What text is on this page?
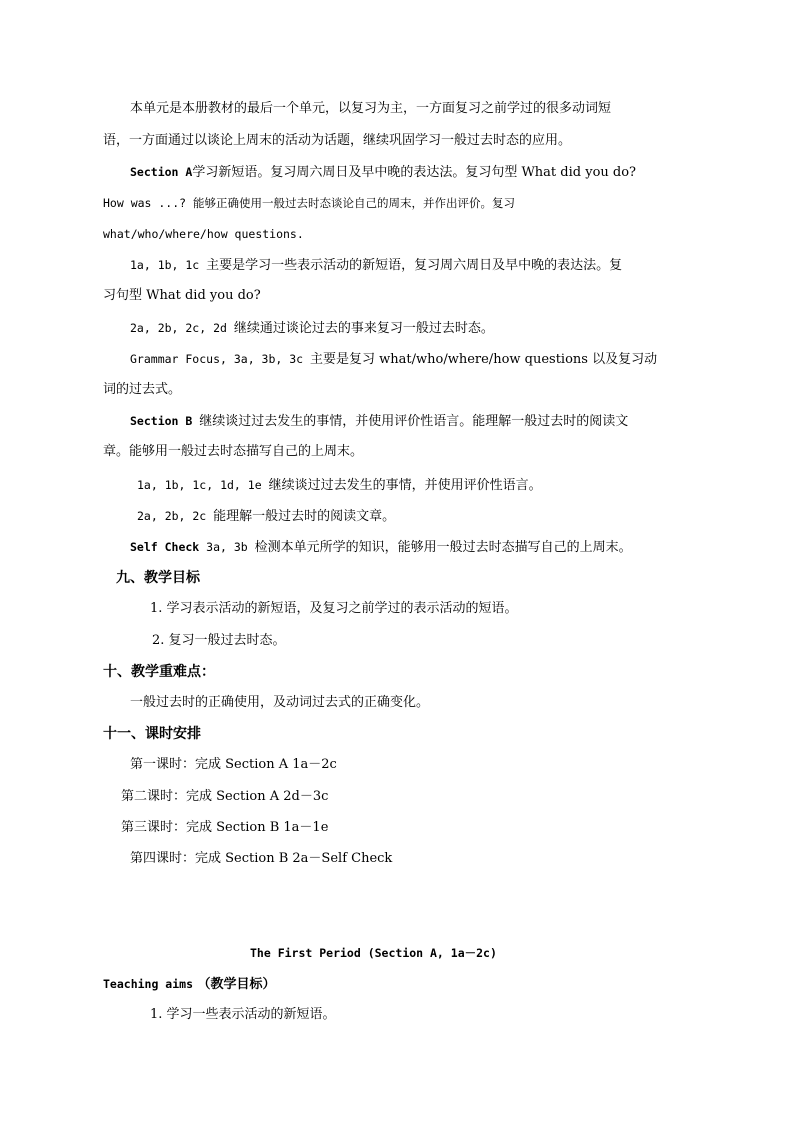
本单元是本册教材的最后一个单元，以复习为主，一方面复习之前学过的很多动词短
语，一方面通过以谈论上周末的活动为话题，继续巩固学习一般过去时态的应用。
Section A学习新短语。复习周六周日及早中晚的表达法。复习句型 What did you do?
How was ...? 能够正确使用一般过去时态谈论自己的周末，并作出评价。复习
what/who/where/how questions.
1a, 1b, 1c 主要是学习一些表示活动的新短语，复习周六周日及早中晚的表达法。复
习句型 What did you do?
2a, 2b, 2c, 2d 继续通过谈论过去的事来复习一般过去时态。
Grammar Focus, 3a, 3b, 3c 主要是复习 what/who/where/how questions 以及复习动
词的过去式。
Section B 继续谈过过去发生的事情，并使用评价性语言。能理解一般过去时的阅读文
章。能够用一般过去时态描写自己的上周末。
1a, 1b, 1c, 1d, 1e 继续谈过过去发生的事情，并使用评价性语言。
2a, 2b, 2c 能理解一般过去时的阅读文章。
Self Check 3a, 3b 检测本单元所学的知识，能够用一般过去时态描写自己的上周末。
九、教学目标
1. 学习表示活动的新短语，及复习之前学过的表示活动的短语。
2. 复习一般过去时态。
十、教学重难点：
一般过去时的正确使用，及动词过去式的正确变化。
十一、课时安排
第一课时：完成 Section A 1a－2c
第二课时：完成 Section A 2d－3c
第三课时：完成 Section B 1a－1e
第四课时：完成 Section B 2a－Self Check
The First Period (Section A, 1a－2c)
Teaching aims （教学目标）
1. 学习一些表示活动的新短语。
